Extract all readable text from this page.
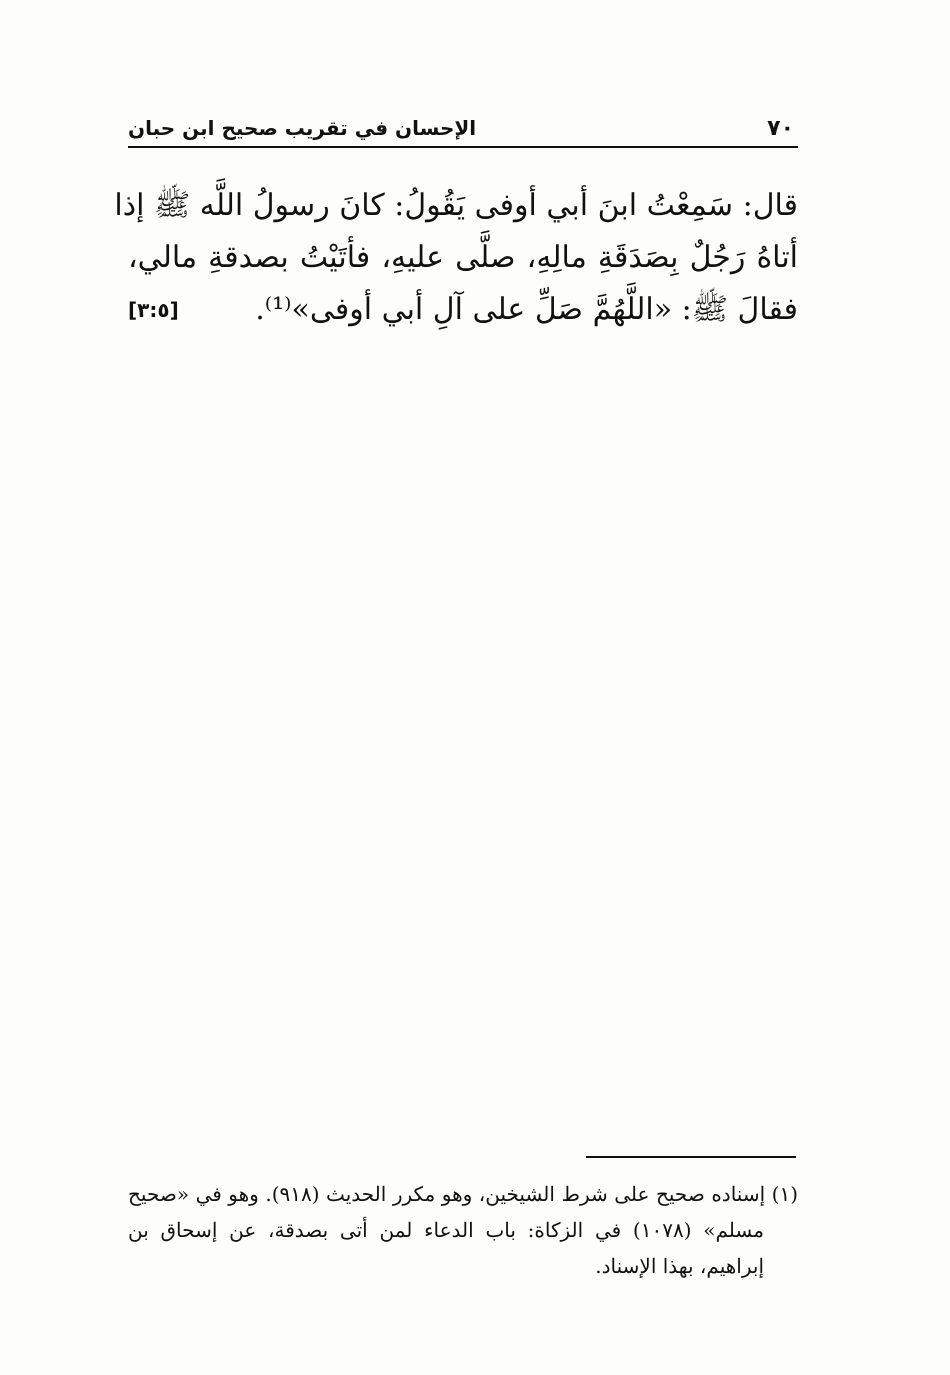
٧٠
الإحسان في تقريب صحيح ابن حبان
قال: سَمِعْتُ ابنَ أبي أوفى يَقُولُ: كانَ رسولُ اللَّه ﷺ إذا
أتاهُ رَجُلٌ بِصَدَقَةِ مالِهِ، صلَّى عليهِ، فأتَيْتُ بصدقةِ مالي،
فقالَ ﷺ: «اللَّهُمَّ صَلِّ على آلِ أبي أوفى»⁽¹⁾.
[٣:٥]
(١) إسناده صحيح على شرط الشيخين، وهو مكرر الحديث (٩١٨). وهو في «صحيح
مسلم» (١٠٧٨) في الزكاة: باب الدعاء لمن أتى بصدقة، عن إسحاق بن
إبراهيم، بهذا الإسناد.
